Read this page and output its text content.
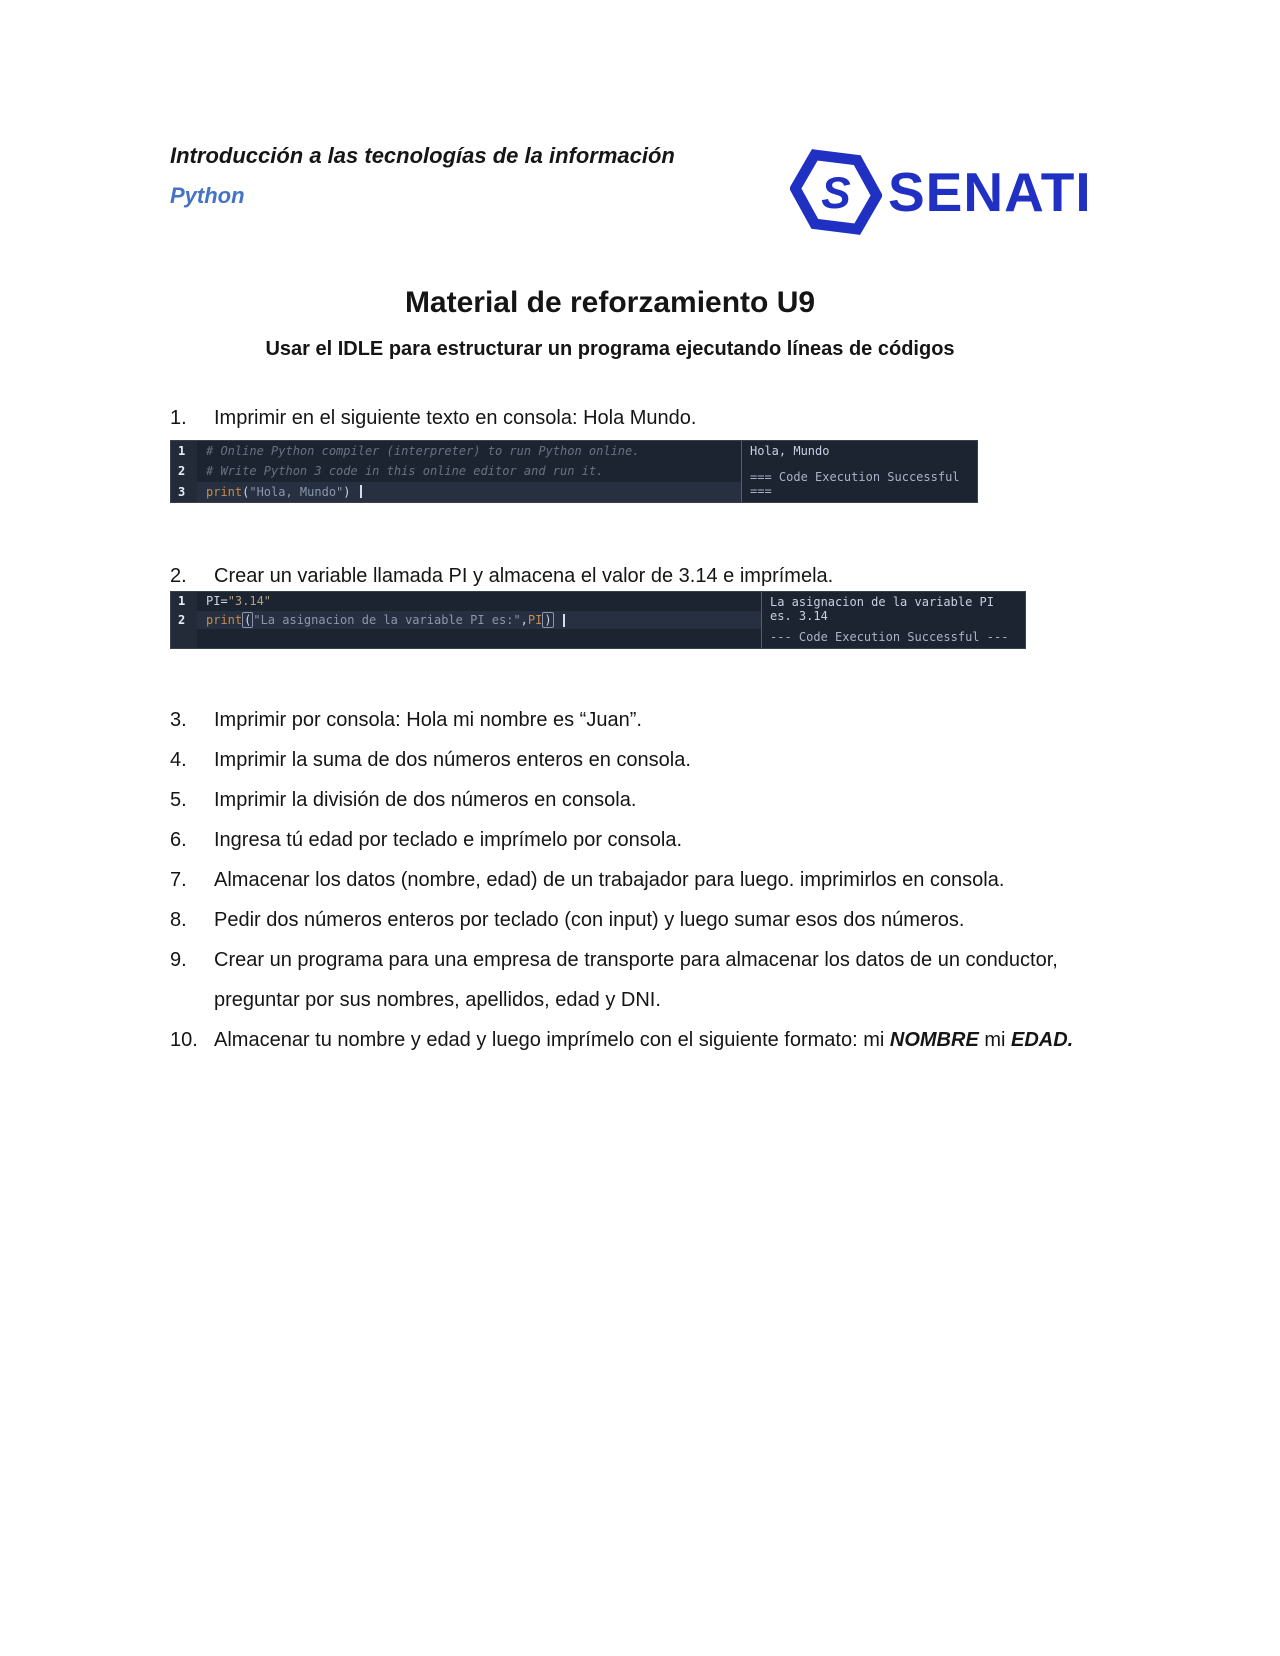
Introducción a las tecnologías de la información
Python	S SENATI
Material de reforzamiento U9
Usar el IDLE para estructurar un programa ejecutando líneas de códigos
1.	Imprimir en el siguiente texto en consola: Hola Mundo.
1	# Online Python compiler (interpreter) to run Python online.
2	# Write Python 3 code in this online editor and run it.
3	print ( "Hola, Mundo" )
Hola, Mundo
=== Code Execution Successful ===
2.	Crear un variable llamada PI y almacena el valor de 3.14 e imprímela.
1	PI = "3.14"
2	print ( "La asignacion de la variable PI es:" , PI )
La asignacion de la variable PI es. 3.14
--- Code Execution Successful ---
3.	Imprimir por consola: Hola mi nombre es “Juan”.
4.	Imprimir la suma de dos números enteros en consola.
5.	Imprimir la división de dos números en consola.
6.	Ingresa tú edad por teclado e imprímelo por consola.
7.	Almacenar los datos (nombre, edad) de un trabajador para luego. imprimirlos en consola.
8.	Pedir dos números enteros por teclado (con input) y luego sumar esos dos números.
9.	Crear un programa para una empresa de transporte para almacenar los datos de un conductor, preguntar por sus nombres, apellidos, edad y DNI.
10. Almacenar tu nombre y edad y luego imprímelo con el siguiente formato: mi NOMBRE mi EDAD.
